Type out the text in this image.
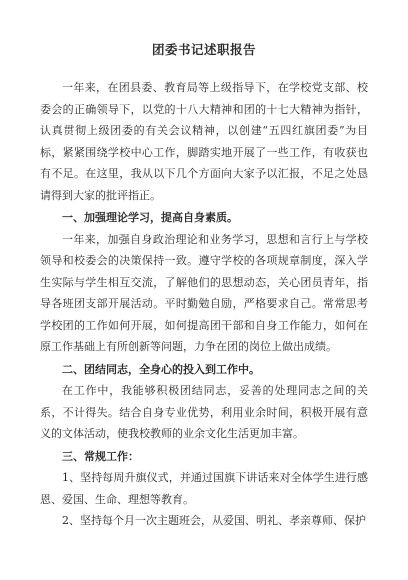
团委书记述职报告

一年来，在团县委、教育局等上级指导下，在学校党支部、校委会的正确领导下，以党的十八大精神和团的十七大精神为指针，认真贯彻上级团委的有关会议精神，以创建“五四红旗团委”为目标，紧紧围绕学校中心工作，脚踏实地开展了一些工作，有收获也有不足。在这里，我从以下几个方面向大家予以汇报，不足之处恳请得到大家的批评指正。

一、加强理论学习，提高自身素质。

一年来，加强自身政治理论和业务学习，思想和言行上与学校领导和校委会的决策保持一致。遵守学校的各项规章制度，深入学生实际与学生相互交流，了解他们的思想动态，关心团员青年，指导各班团支部开展活动。平时勤勉自励，严格要求自己。常常思考学校团的工作如何开展，如何提高团干部和自身工作能力，如何在原工作基础上有所创新等问题，力争在团的岗位上做出成绩。

二、团结同志，全身心的投入到工作中。

在工作中，我能够积极团结同志，妥善的处理同志之间的关系，不计得失。结合自身专业优势，利用业余时间，积极开展有意义的文体活动，使我校教师的业余文化生活更加丰富。

三、常规工作：

1、坚持每周升旗仪式，并通过国旗下讲话来对全体学生进行感恩、爱国、生命、理想等教育。

2、坚持每个月一次主题班会，从爱国、明礼、孝亲尊师、保护
